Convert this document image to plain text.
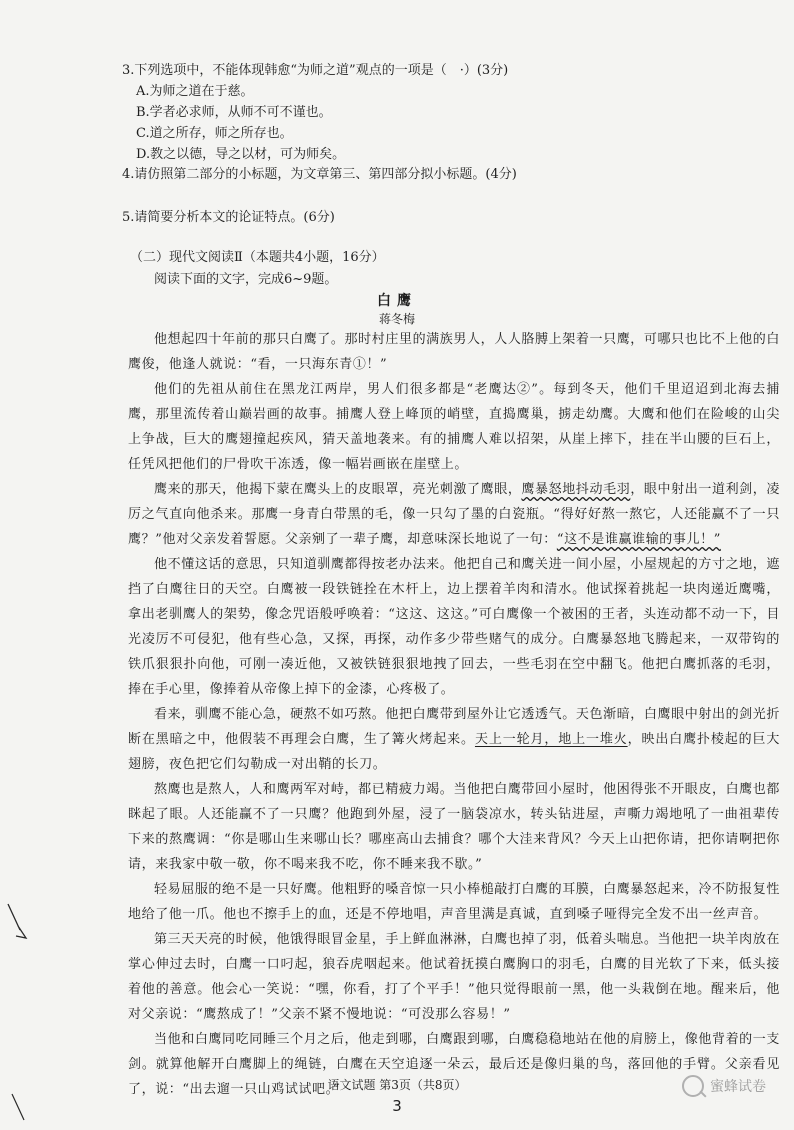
3.下列选项中，不能体现韩愈“为师之道”观点的一项是（　·）(3分)
A.为师之道在于慈。
B.学者必求师，从师不可不谨也。
C.道之所存，师之所存也。
D.教之以德，导之以材，可为师矣。
4.请仿照第二部分的小标题，为文章第三、第四部分拟小标题。(4分)
5.请简要分析本文的论证特点。(6分)
（二）现代文阅读Ⅱ（本题共4小题，16分）
阅读下面的文字，完成6~9题。
白鹰
蒋冬梅

他想起四十年前的那只白鹰了。那时村庄里的满族男人，人人胳膊上架着一只鹰，可哪只也比不上他的白鹰俊，他逢人就说：“看，一只海东青①！”

他们的先祖从前住在黑龙江两岸，男人们很多都是“老鹰达②”。每到冬天，他们千里迢迢到北海去捕鹰，那里流传着山巅岩画的故事。捕鹰人登上峰顶的峭壁，直捣鹰巢，掳走幼鹰。大鹰和他们在险峻的山尖上争战，巨大的鹰翅撞起疾风，猜天盖地袭来。有的捕鹰人难以招架，从崖上摔下，挂在半山腰的巨石上，任凭风把他们的尸骨吹干冻透，像一幅岩画嵌在崖壁上。

鹰来的那天，他揭下蒙在鹰头上的皮眼罩，亮光刺激了鹰眼，鹰暴怒地抖动毛羽，眼中射出一道利剑，凌厉之气直向他杀来。那鹰一身青白带黑的毛，像一只勾了墨的白瓷瓶。“得好好熬一熬它，人还能赢不了一只鹰？”他对父亲发着誓愿。父亲剜了一辈子鹰，却意味深长地说了一句：“这不是谁赢谁输的事儿！”

他不懂这话的意思，只知道驯鹰都得按老办法来。他把自己和鹰关进一间小屋，小屋规起的方寸之地，遮挡了白鹰往日的天空。白鹰被一段铁链拴在木杆上，边上摆着羊肉和清水。他试探着挑起一块肉递近鹰嘴，拿出老驯鹰人的架势，像念咒语般呼唤着：“这这、这这。”可白鹰像一个被困的王者，头连动都不动一下，目光凌厉不可侵犯，他有些心急，又探，再探，动作多少带些赌气的成分。白鹰暴怒地飞腾起来，一双带钩的铁爪狠狠扑向他，可刚一凑近他，又被铁链狠狠地拽了回去，一些毛羽在空中翻飞。他把白鹰抓落的毛羽，捧在手心里，像捧着从帝像上掉下的金漆，心疼极了。

看来，驯鹰不能心急，硬熬不如巧熬。他把白鹰带到屋外让它透透气。天色渐暗，白鹰眼中射出的剑光折断在黑暗之中，他假装不再理会白鹰，生了篝火烤起来。天上一轮月，地上一堆火，映出白鹰扑棱起的巨大翅膀，夜色把它们勾勒成一对出鞘的长刀。

熬鹰也是熬人，人和鹰两军对峙，都已精疲力竭。当他把白鹰带回小屋时，他困得张不开眼皮，白鹰也都眯起了眼。人还能赢不了一只鹰？他跑到外屋，浸了一脑袋凉水，转头钻进屋，声嘶力竭地吼了一曲祖辈传下来的熬鹰调：“你是哪山生来哪山长？哪座高山去捕食？哪个大洼来背风？今天上山把你请，把你请啊把你请，来我家中敬一敬，你不喝来我不吃，你不睡来我不歇。”

轻易屈服的绝不是一只好鹰。他粗野的嗓音惊一只小棒槌敲打白鹰的耳膜，白鹰暴怒起来，冷不防报复性地给了他一爪。他也不擦手上的血，还是不停地唱，声音里满是真诚，直到嗓子哑得完全发不出一丝声音。

第三天天亮的时候，他饿得眼冒金星，手上鲜血淋淋，白鹰也掉了羽，低着头喘息。当他把一块羊肉放在掌心伸过去时，白鹰一口叼起，狼吞虎咽起来。他试着抚摸白鹰胸口的羽毛，白鹰的目光软了下来，低头接着他的善意。他会心一笑说：“嘿，你看，打了个平手！”他只觉得眼前一黑，他一头栽倒在地。醒来后，他对父亲说：“鹰熬成了！”父亲不紧不慢地说：“可没那么容易！”

当他和白鹰同吃同睡三个月之后，他走到哪，白鹰跟到哪，白鹰稳稳地站在他的肩膀上，像他背着的一支剑。就算他解开白鹰脚上的绳链，白鹰在天空追逐一朵云，最后还是像归巢的鸟，落回他的手臂。父亲看见了，说：“出去遛一只山鸡试试吧。”

语文试题 第3页（共8页）
3
蜜蜂试卷
